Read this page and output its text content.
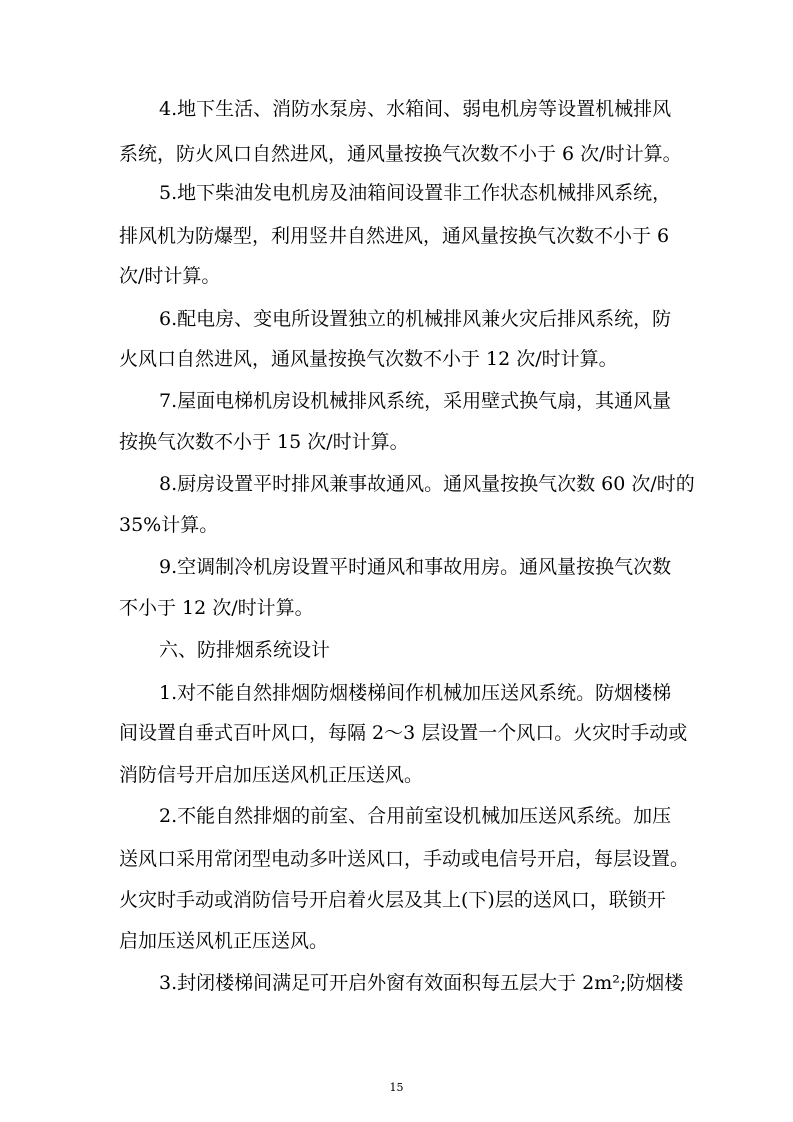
4.地下生活、消防水泵房、水箱间、弱电机房等设置机械排风
系统，防火风口自然进风，通风量按换气次数不小于 6 次/时计算。
5.地下柴油发电机房及油箱间设置非工作状态机械排风系统，
排风机为防爆型，利用竖井自然进风，通风量按换气次数不小于 6
次/时计算。
6.配电房、变电所设置独立的机械排风兼火灾后排风系统，防
火风口自然进风，通风量按换气次数不小于 12 次/时计算。
7.屋面电梯机房设机械排风系统，采用壁式换气扇，其通风量
按换气次数不小于 15 次/时计算。
8.厨房设置平时排风兼事故通风。通风量按换气次数 60 次/时的
35%计算。
9.空调制冷机房设置平时通风和事故用房。通风量按换气次数
不小于 12 次/时计算。
六、防排烟系统设计
1.对不能自然排烟防烟楼梯间作机械加压送风系统。防烟楼梯
间设置自垂式百叶风口，每隔 2～3 层设置一个风口。火灾时手动或
消防信号开启加压送风机正压送风。
2.不能自然排烟的前室、合用前室设机械加压送风系统。加压
送风口采用常闭型电动多叶送风口，手动或电信号开启，每层设置。
火灾时手动或消防信号开启着火层及其上(下)层的送风口，联锁开
启加压送风机正压送风。
3.封闭楼梯间满足可开启外窗有效面积每五层大于 2m²;防烟楼
15
